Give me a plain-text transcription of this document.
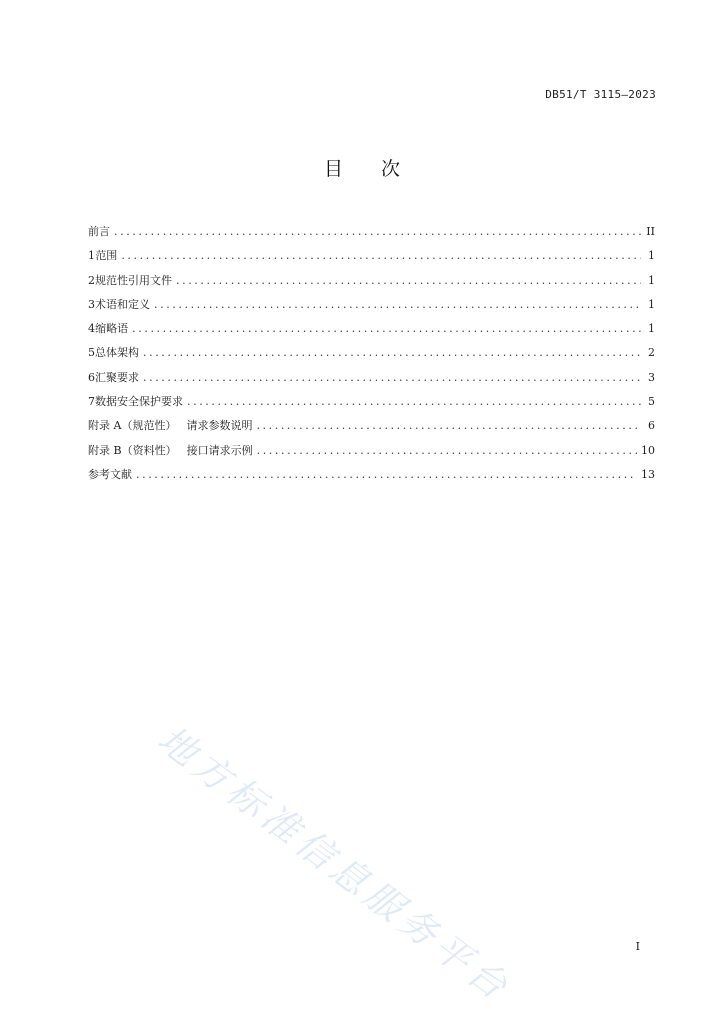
DB51/T 3115—2023
目 次
前言 .....	II
1 范围 .....	1
2 规范性引用文件 .....	1
3 术语和定义 .....	1
4 缩略语 .....	1
5 总体架构 .....	2
6 汇聚要求 .....	3
7 数据安全保护要求 .....	5
附录 A（规范性） 请求参数说明 .....	6
附录 B（资料性） 接口请求示例 .....	10
参考文献 .....	13
地方标准信息服务平台	I
